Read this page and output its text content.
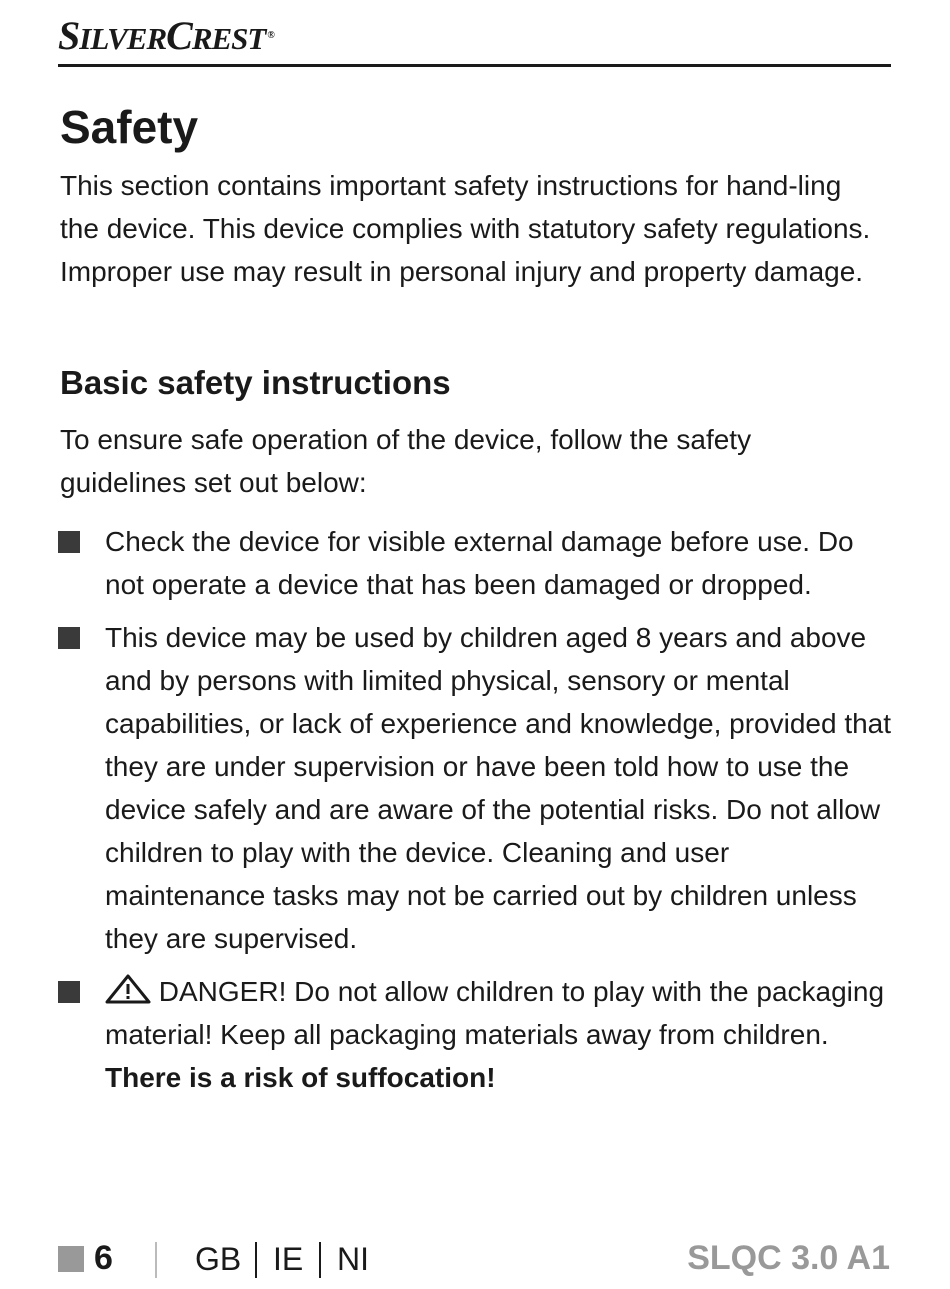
SILVERCREST ®
Safety

This section contains important safety instructions for hand-ling the device. This device complies with statutory safety regulations. Improper use may result in personal injury and property damage.

Basic safety instructions

To ensure safe operation of the device, follow the safety guidelines set out below:

Check the device for visible external damage before use. Do not operate a device that has been damaged or dropped.
This device may be used by children aged 8 years and above and by persons with limited physical, sensory or mental capabilities, or lack of experience and knowledge, provided that they are under supervision or have been told how to use the device safely and are aware of the potential risks. Do not allow children to play with the device. Cleaning and user maintenance tasks may not be carried out by children unless they are supervised.
DANGER! Do not allow children to play with the packaging material! Keep all packaging materials away from children. There is a risk of suffocation!
6	GB IE NI	SLQC 3.0 A1
